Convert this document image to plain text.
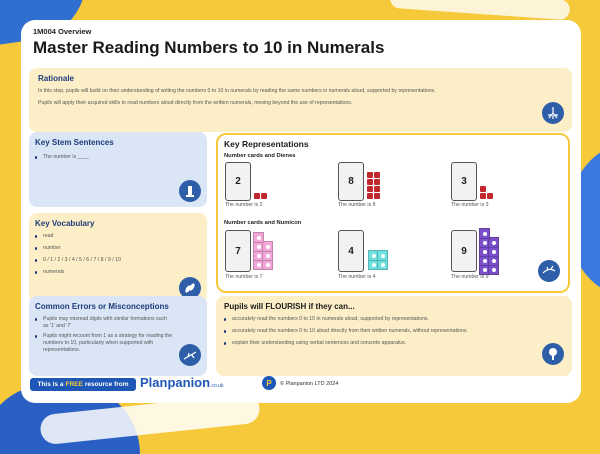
1M004 Overview
Master Reading Numbers to 10 in Numerals
Rationale
In this step, pupils will build on their understanding of writing the numbers 0 to 10 in numerals by reading the same numbers in numerals aloud, supported by representations.
Pupils will apply their acquired skills to read numbers aloud directly from the written numerals, moving beyond the use of representations.
Key Stem Sentences
The number is ____
Key Vocabulary
read
number
0 / 1 / 2 / 3 / 4 / 5 / 6 / 7 / 8 / 9 / 10
numerals
Common Errors or Misconceptions
Pupils may misread digits with similar formations such as '1' and '7'
Pupils might recount from 1 as a strategy for reading the numbers to 10, particularly when supported with representations.
Key Representations
Number cards and Dienes
2
The number is 2
8
The number is 8
3
The number is 3
Number cards and Numicon
7
The number is 7
4
The number is 4
9
The number is 9
Pupils will FLOURISH if they can...
accurately read the numbers 0 to 10 in numerals aloud, supported by representations.
accurately read the numbers 0 to 10 aloud directly from their written numerals, without representations.
explain their understanding using verbal sentences and concrete apparatus.
This is a FREE resource from Planpanion.co.uk	P	© Planpanion LTD 2024
